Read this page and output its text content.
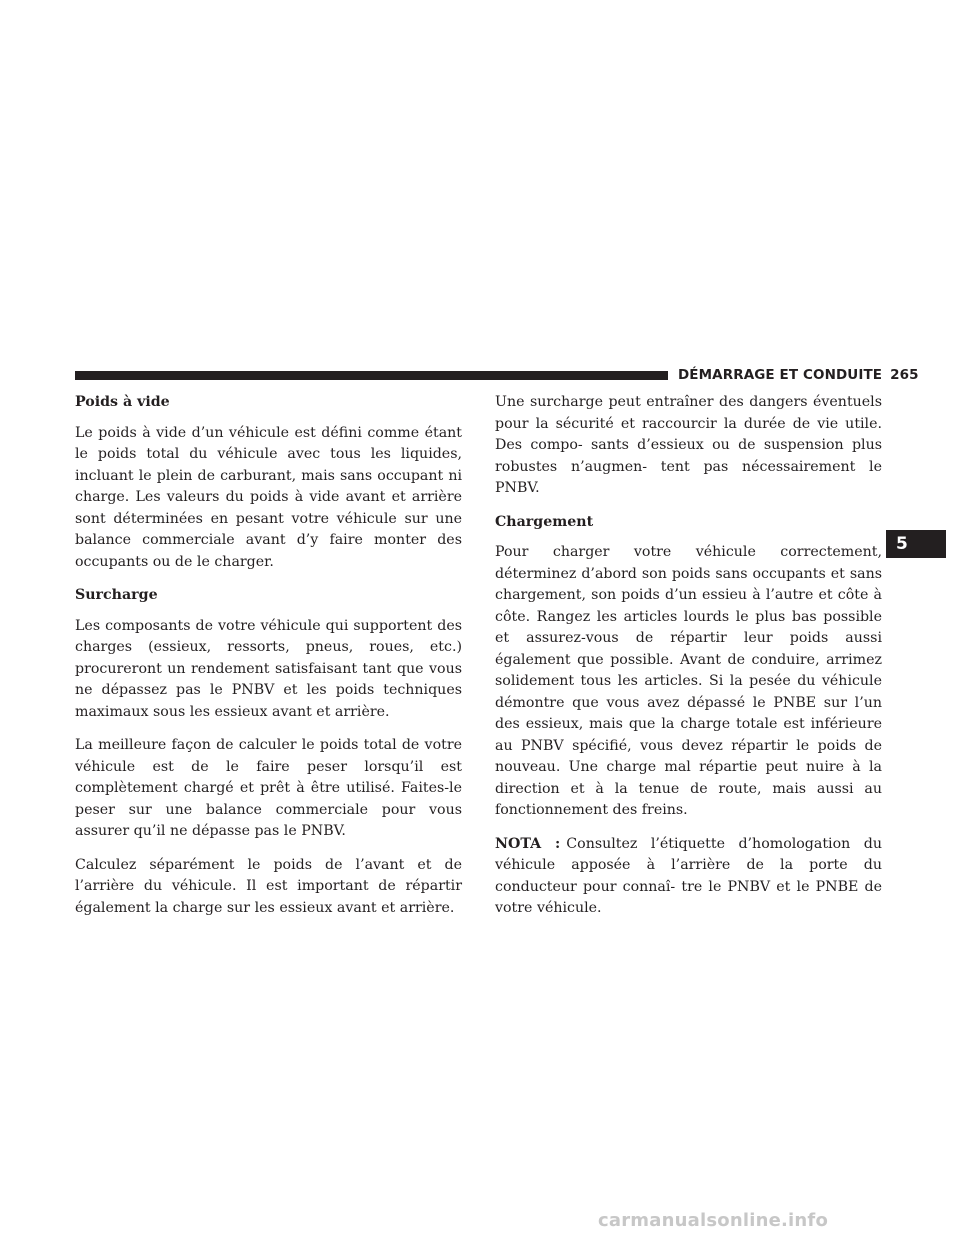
DÉMARRAGE ET CONDUITE 265
5
Poids à vide

Le poids à vide d’un véhicule est défini comme étant le poids total du véhicule avec tous les liquides, incluant le plein de carburant, mais sans occupant ni charge. Les valeurs du poids à vide avant et arrière sont déterminées en pesant votre véhicule sur une balance commerciale avant d’y faire monter des occupants ou de le charger.

Surcharge

Les composants de votre véhicule qui supportent des charges (essieux, ressorts, pneus, roues, etc.) procureront un rendement satisfaisant tant que vous ne dépassez pas le PNBV et les poids techniques maximaux sous les essieux avant et arrière.

La meilleure façon de calculer le poids total de votre véhicule est de le faire peser lorsqu’il est complètement chargé et prêt à être utilisé. Faites-le peser sur une balance commerciale pour vous assurer qu’il ne dépasse pas le PNBV.

Calculez séparément le poids de l’avant et de l’arrière du véhicule. Il est important de répartir également la charge sur les essieux avant et arrière.

Une surcharge peut entraîner des dangers éventuels pour la sécurité et raccourcir la durée de vie utile. Des compo- sants d’essieux ou de suspension plus robustes n’augmen- tent pas nécessairement le PNBV.

Chargement

Pour charger votre véhicule correctement, déterminez d’abord son poids sans occupants et sans chargement, son poids d’un essieu à l’autre et côte à côte. Rangez les articles lourds le plus bas possible et assurez-vous de répartir leur poids aussi également que possible. Avant de conduire, arrimez solidement tous les articles. Si la pesée du véhicule démontre que vous avez dépassé le PNBE sur l’un des essieux, mais que la charge totale est inférieure au PNBV spécifié, vous devez répartir le poids de nouveau. Une charge mal répartie peut nuire à la direction et à la tenue de route, mais aussi au fonctionnement des freins.

NOTA : Consultez l’étiquette d’homologation du véhicule apposée à l’arrière de la porte du conducteur pour connaî- tre le PNBV et le PNBE de votre véhicule.

carmanualsonline.info
